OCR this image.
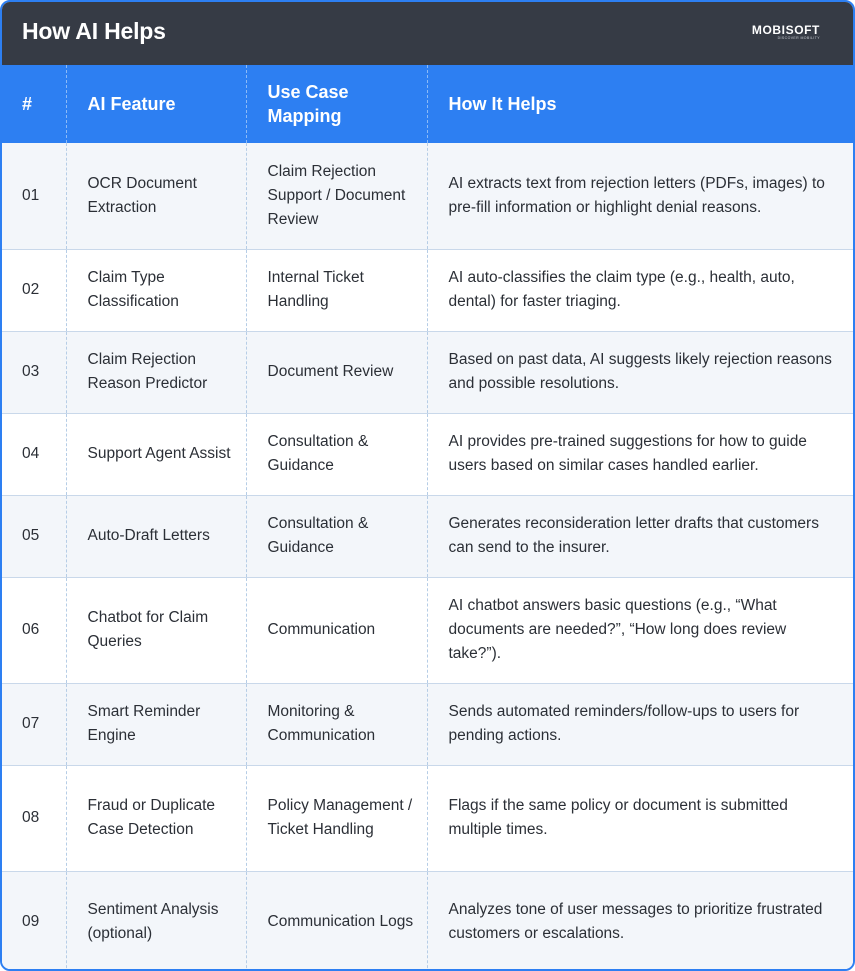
How AI Helps	MOBISOFT
DISCOVER MOBILITY
#	AI Feature	Use Case Mapping	How It Helps
01	OCR Document Extraction	Claim Rejection Support / Document Review	AI extracts text from rejection letters (PDFs, images) to pre-fill information or highlight denial reasons.
02	Claim Type Classification	Internal Ticket Handling	AI auto-classifies the claim type (e.g., health, auto, dental) for faster triaging.
03	Claim Rejection Reason Predictor	Document Review	Based on past data, AI suggests likely rejection reasons and possible resolutions.
04	Support Agent Assist	Consultation & Guidance	AI provides pre-trained suggestions for how to guide users based on similar cases handled earlier.
05	Auto-Draft Letters	Consultation & Guidance	Generates reconsideration letter drafts that customers can send to the insurer.
06	Chatbot for Claim Queries	Communication	AI chatbot answers basic questions (e.g., “What documents are needed?”, “How long does review take?”).
07	Smart Reminder Engine	Monitoring & Communication	Sends automated reminders/follow-ups to users for pending actions.
08	Fraud or Duplicate Case Detection	Policy Management / Ticket Handling	Flags if the same policy or document is submitted multiple times.
09	Sentiment Analysis (optional)	Communication Logs	Analyzes tone of user messages to prioritize frustrated customers or escalations.
